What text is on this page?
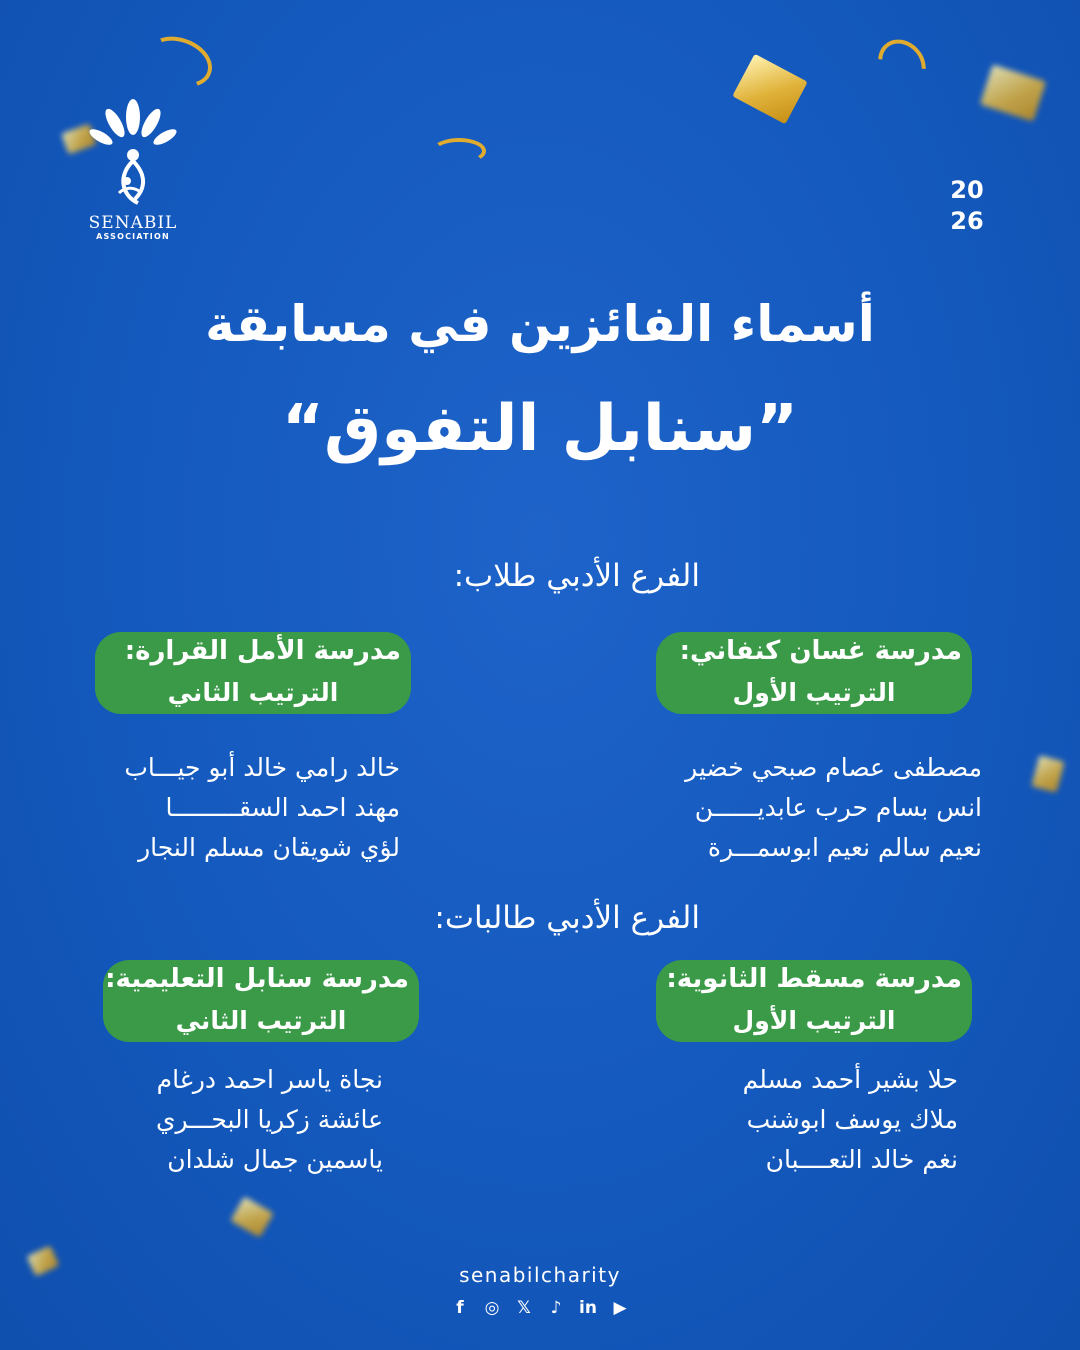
SENABIL
ASSOCIATION
20
26
أسماء الفائزين في مسابقة
”سنابل التفوق“
الفرع الأدبي طلاب:
مدرسة غسان كنفاني:
الترتيب الأول
مدرسة الأمل القرارة:
الترتيب الثاني
مصطفى عصام صبحي خضير
انس بسام حرب عابديــــــن
نعيم سالم نعيم ابوسمـــرة
خالد رامي خالد أبو جيـــاب
مهند احمد السقـــــــــا
لؤي شويقان مسلم النجار
الفرع الأدبي طالبات:
مدرسة مسقط الثانوية:
الترتيب الأول
مدرسة سنابل التعليمية:
الترتيب الثاني
حلا بشير أحمد مسلم
ملاك يوسف ابوشنب
نغم خالد التعــــبان
نجاة ياسر احمد درغام
عائشة زكريا البحـــري
ياسمين جمال شلدان
senabilcharity
f	◎ 𝕏	♪	in ▶
